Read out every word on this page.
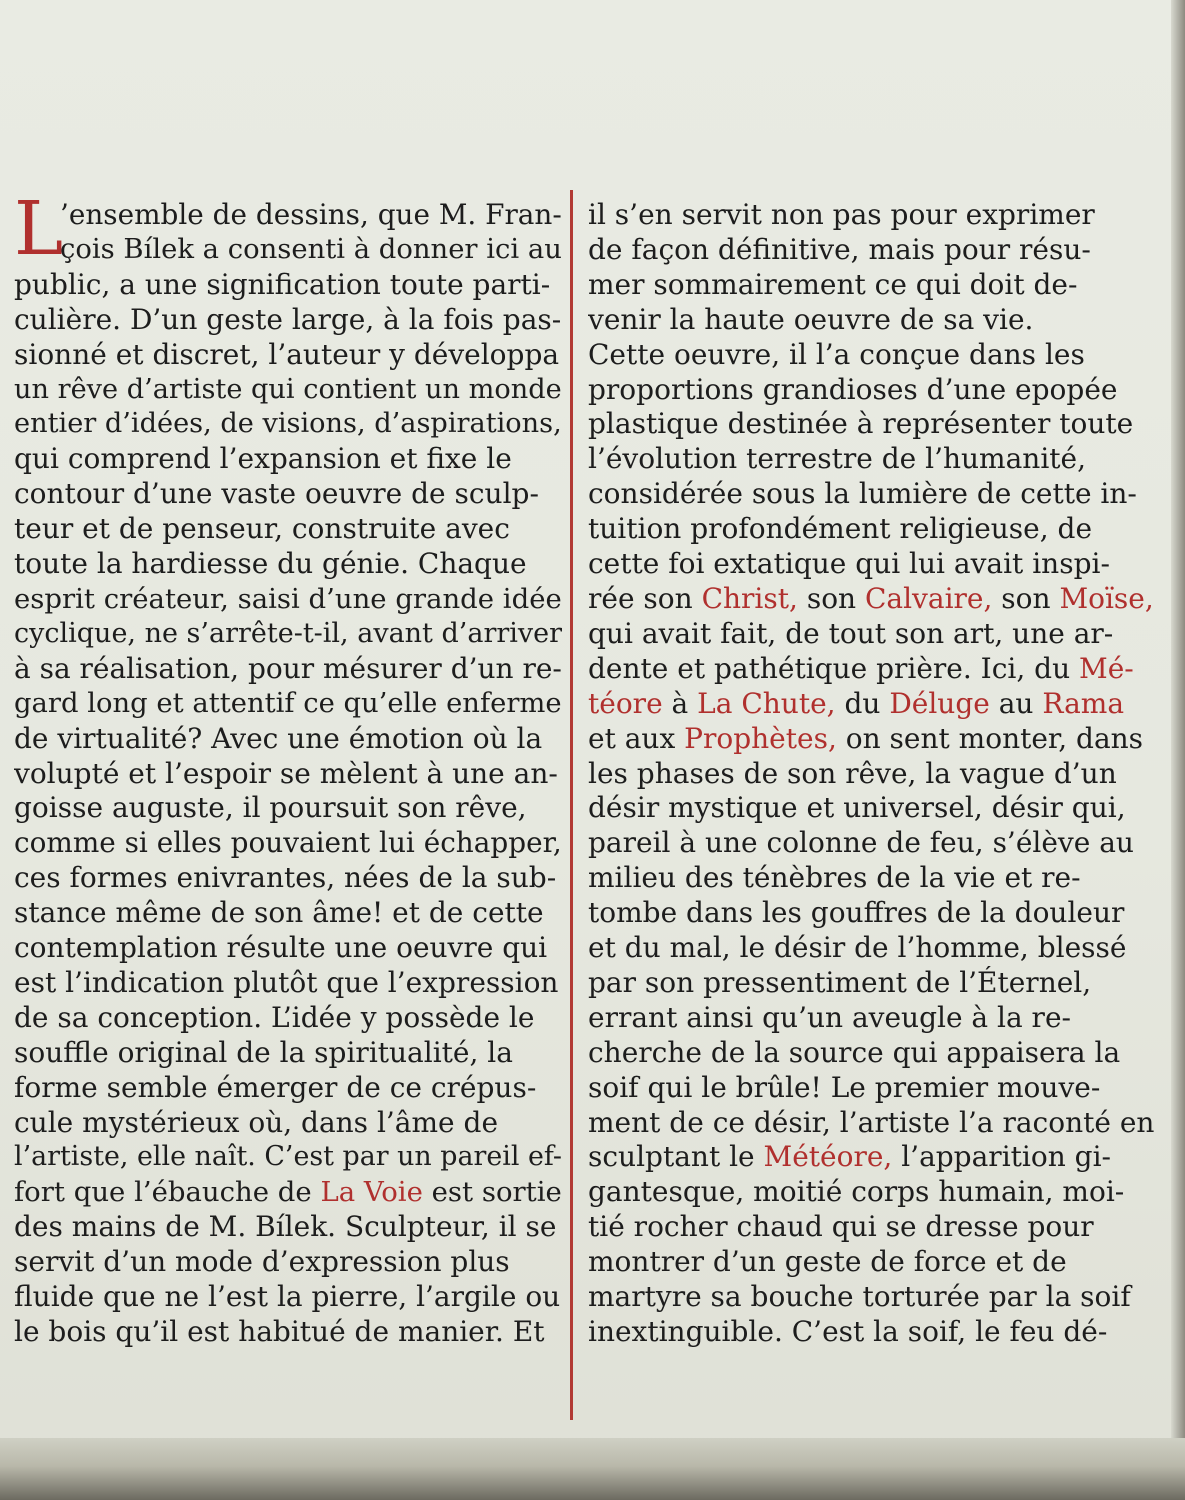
L
’ensemble de dessins, que M. Fran-
çois Bílek a consenti à donner ici au
public, a une signification toute parti-
culière. D’un geste large, à la fois pas-
sionné et discret, l’auteur y développa
un rêve d’artiste qui contient un monde
entier d’idées, de visions, d’aspirations,
qui comprend l’expansion et fixe le
contour d’une vaste oeuvre de sculp-
teur et de penseur, construite avec
toute la hardiesse du génie. Chaque
esprit créateur, saisi d’une grande idée
cyclique, ne s’arrête-t-il, avant d’arriver
à sa réalisation, pour mésurer d’un re-
gard long et attentif ce qu’elle enferme
de virtualité? Avec une émotion où la
volupté et l’espoir se mèlent à une an-
goisse auguste, il poursuit son rêve,
comme si elles pouvaient lui échapper,
ces formes enivrantes, nées de la sub-
stance même de son âme! et de cette
contemplation résulte une oeuvre qui
est l’indication plutôt que l’expression
de sa conception. L’idée y possède le
souffle original de la spiritualité, la
forme semble émerger de ce crépus-
cule mystérieux où, dans l’âme de
l’artiste, elle naît. C’est par un pareil ef-
fort que l’ébauche de La Voie est sortie
des mains de M. Bílek. Sculpteur, il se
servit d’un mode d’expression plus
fluide que ne l’est la pierre, l’argile ou
le bois qu’il est habitué de manier. Et
il s’en servit non pas pour exprimer
de façon définitive, mais pour résu-
mer sommairement ce qui doit de-
venir la haute oeuvre de sa vie.
Cette oeuvre, il l’a conçue dans les
proportions grandioses d’une epopée
plastique destinée à représenter toute
l’évolution terrestre de l’humanité,
considérée sous la lumière de cette in-
tuition profondément religieuse, de
cette foi extatique qui lui avait inspi-
rée son Christ, son Calvaire, son Moïse,
qui avait fait, de tout son art, une ar-
dente et pathétique prière. Ici, du Mé-
téore à La Chute, du Déluge au Rama
et aux Prophètes, on sent monter, dans
les phases de son rêve, la vague d’un
désir mystique et universel, désir qui,
pareil à une colonne de feu, s’élève au
milieu des ténèbres de la vie et re-
tombe dans les gouffres de la douleur
et du mal, le désir de l’homme, blessé
par son pressentiment de l’Éternel,
errant ainsi qu’un aveugle à la re-
cherche de la source qui appaisera la
soif qui le brûle! Le premier mouve-
ment de ce désir, l’artiste l’a raconté en
sculptant le Météore, l’apparition gi-
gantesque, moitié corps humain, moi-
tié rocher chaud qui se dresse pour
montrer d’un geste de force et de
martyre sa bouche torturée par la soif
inextinguible. C’est la soif, le feu dé-
